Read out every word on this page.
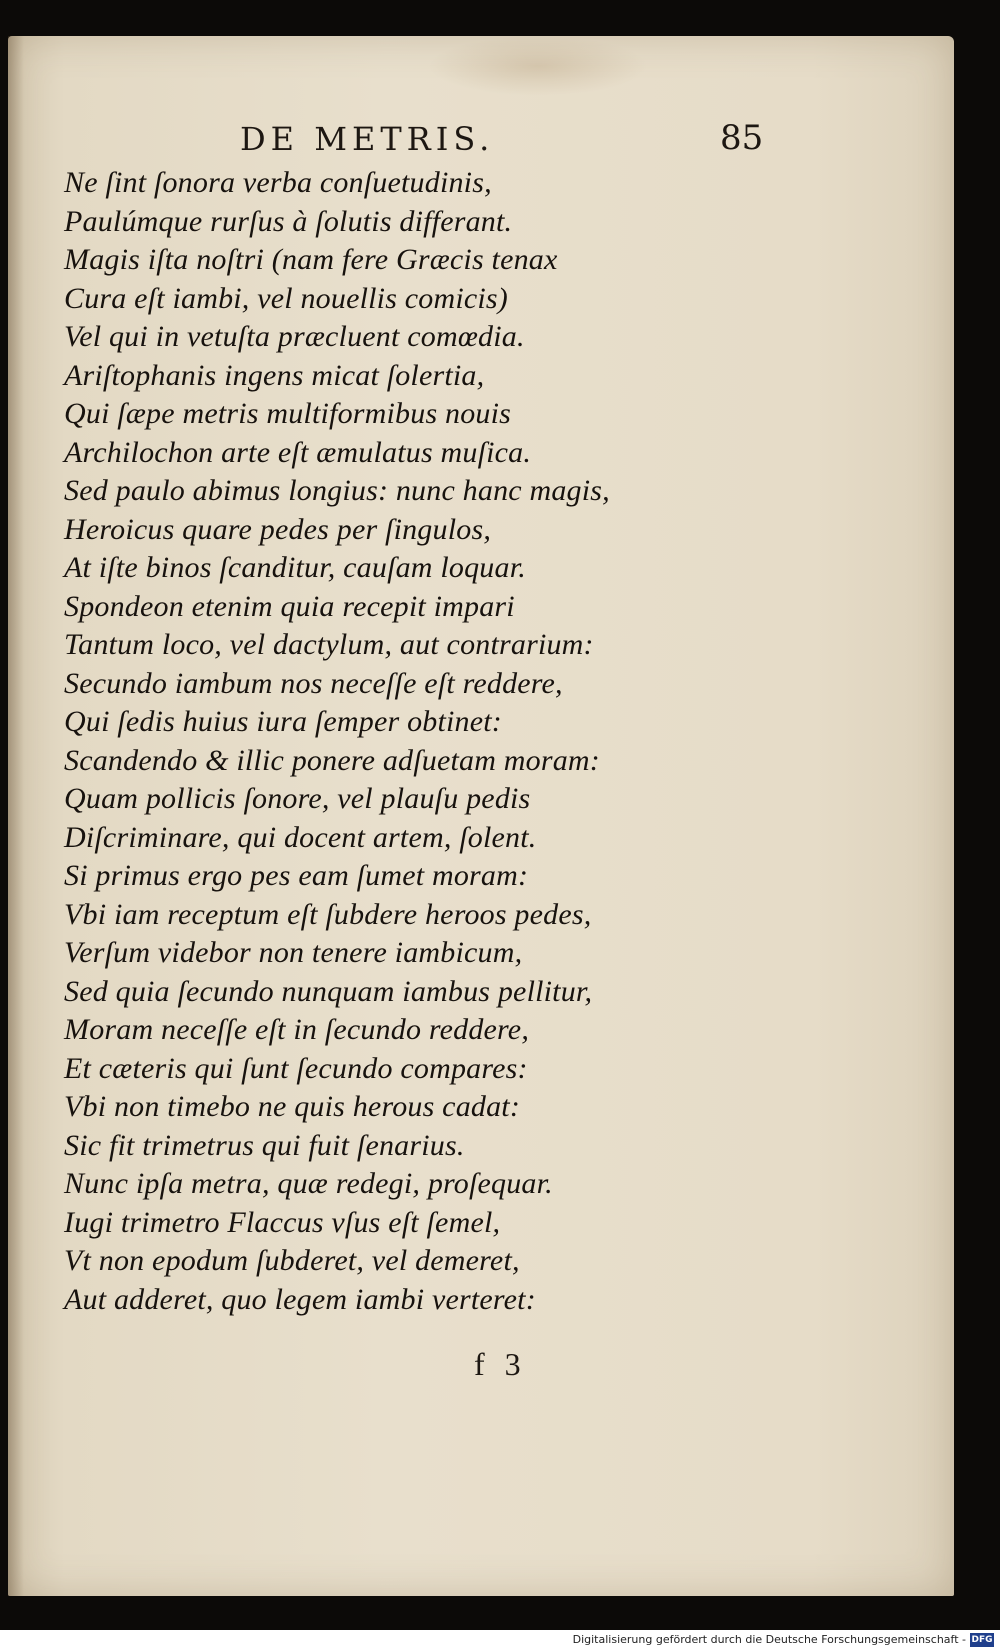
DE METRIS.	85
Ne ſint ſonora verba conſuetudinis,
Paulúmque rurſus à ſolutis differant.
Magis iſta noſtri (nam fere Græcis tenax
Cura eſt iambi, vel nouellis comicis)
Vel qui in vetuſta præcluent comœdia.
Ariſtophanis ingens micat ſolertia,
Qui ſæpe metris multiformibus nouis
Archilochon arte eſt æmulatus muſica.
Sed paulo abimus longius: nunc hanc magis,
Heroicus quare pedes per ſingulos,
At iſte binos ſcanditur, cauſam loquar.
Spondeon etenim quia recepit impari
Tantum loco, vel dactylum, aut contrarium:
Secundo iambum nos neceſſe eſt reddere,
Qui ſedis huius iura ſemper obtinet:
Scandendo & illic ponere adſuetam moram:
Quam pollicis ſonore, vel plauſu pedis
Diſcriminare, qui docent artem, ſolent.
Si primus ergo pes eam ſumet moram:
Vbi iam receptum eſt ſubdere heroos pedes,
Verſum videbor non tenere iambicum,
Sed quia ſecundo nunquam iambus pellitur,
Moram neceſſe eſt in ſecundo reddere,
Et cæteris qui ſunt ſecundo compares:
Vbi non timebo ne quis herous cadat:
Sic fit trimetrus qui fuit ſenarius.
Nunc ipſa metra, quæ redegi, proſequar.
Iugi trimetro Flaccus vſus eſt ſemel,
Vt non epodum ſubderet, vel demeret,
Aut adderet, quo legem iambi verteret:
f 3
Digitalisierung gefördert durch die Deutsche Forschungsgemeinschaft - DFG
